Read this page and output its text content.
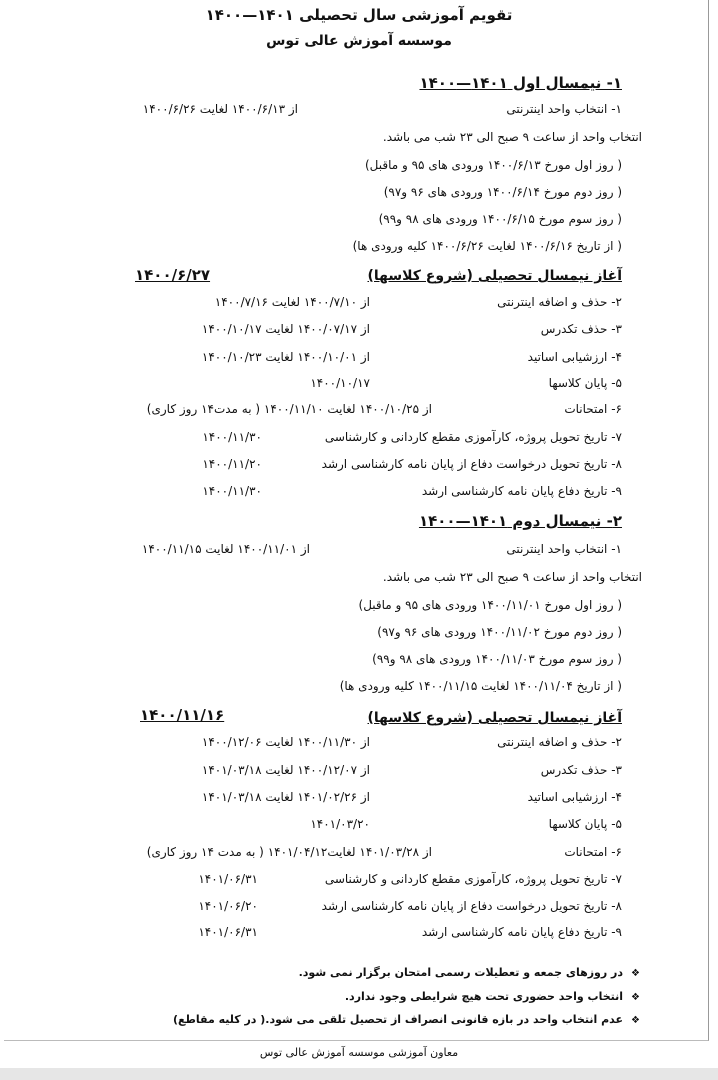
تقویم آموزشی سال تحصیلی ۱۴۰۱—۱۴۰۰
موسسه آموزش عالی توس
۱- نیمسال اول ۱۴۰۱—۱۴۰۰
۱- انتخاب واحد اینترنتی
از ۱۴۰۰/۶/۱۳ لغایت ۱۴۰۰/۶/۲۶
انتخاب واحد از ساعت ۹ صبح الی ۲۳ شب می باشد.
( روز اول مورخ ۱۴۰۰/۶/۱۳ ورودی های ۹۵ و ماقبل)
( روز دوم مورخ ۱۴۰۰/۶/۱۴ ورودی های ۹۶ و۹۷)
( روز سوم مورخ ۱۴۰۰/۶/۱۵ ورودی های ۹۸ و۹۹)
( از تاریخ ۱۴۰۰/۶/۱۶ لغایت ۱۴۰۰/۶/۲۶ کلیه ورودی ها)
آغاز نیمسال تحصیلی (شروع کلاسها)
۱۴۰۰/۶/۲۷
۲- حذف و اضافه اینترنتی
از ۱۴۰۰/۷/۱۰ لغایت ۱۴۰۰/۷/۱۶
۳- حذف تکدرس
از ۱۴۰۰/۰۷/۱۷ لغایت ۱۴۰۰/۱۰/۱۷
۴- ارزشیابی اساتید
از ۱۴۰۰/۱۰/۰۱ لغایت ۱۴۰۰/۱۰/۲۳
۵- پایان کلاسها
۱۴۰۰/۱۰/۱۷
۶- امتحانات
از ۱۴۰۰/۱۰/۲۵ لغایت ۱۴۰۰/۱۱/۱۰ ( به مدت۱۴ روز کاری)
۷- تاریخ تحویل پروژه، کارآموزی مقطع کاردانی و کارشناسی
۱۴۰۰/۱۱/۳۰
۸- تاریخ تحویل درخواست دفاع از پایان نامه کارشناسی ارشد
۱۴۰۰/۱۱/۲۰
۹- تاریخ دفاع پایان نامه کارشناسی ارشد
۱۴۰۰/۱۱/۳۰
۲- نیمسال دوم ۱۴۰۱—۱۴۰۰
۱- انتخاب واحد اینترنتی
از ۱۴۰۰/۱۱/۰۱ لغایت ۱۴۰۰/۱۱/۱۵
انتخاب واحد از ساعت ۹ صبح الی ۲۳ شب می باشد.
( روز اول مورخ ۱۴۰۰/۱۱/۰۱ ورودی های ۹۵ و ماقبل)
( روز دوم مورخ ۱۴۰۰/۱۱/۰۲ ورودی های ۹۶ و۹۷)
( روز سوم مورخ ۱۴۰۰/۱۱/۰۳ ورودی های ۹۸ و۹۹)
( از تاریخ ۱۴۰۰/۱۱/۰۴ لغایت ۱۴۰۰/۱۱/۱۵ کلیه ورودی ها)
آغاز نیمسال تحصیلی (شروع کلاسها)
۱۴۰۰/۱۱/۱۶
۲- حذف و اضافه اینترنتی
از ۱۴۰۰/۱۱/۳۰ لغایت ۱۴۰۰/۱۲/۰۶
۳- حذف تکدرس
از ۱۴۰۰/۱۲/۰۷ لغایت ۱۴۰۱/۰۳/۱۸
۴- ارزشیابی اساتید
از ۱۴۰۱/۰۲/۲۶ لغایت ۱۴۰۱/۰۳/۱۸
۵- پایان کلاسها
۱۴۰۱/۰۳/۲۰
۶- امتحانات
از ۱۴۰۱/۰۳/۲۸ لغایت۱۴۰۱/۰۴/۱۲ ( به مدت ۱۴ روز کاری)
۷- تاریخ تحویل پروژه، کارآموزی مقطع کاردانی و کارشناسی
۱۴۰۱/۰۶/۳۱
۸- تاریخ تحویل درخواست دفاع از پایان نامه کارشناسی ارشد
۱۴۰۱/۰۶/۲۰
۹- تاریخ دفاع پایان نامه کارشناسی ارشد
۱۴۰۱/۰۶/۳۱
❖در روزهای جمعه و تعطیلات رسمی امتحان برگزار نمی شود.
❖انتخاب واحد حضوری تحت هیچ شرایطی وجود ندارد.
❖عدم انتخاب واحد در بازه قانونی انصراف از تحصیل تلقی می شود.( در کلیه مقاطع)
معاون آموزشی موسسه آموزش عالی توس
